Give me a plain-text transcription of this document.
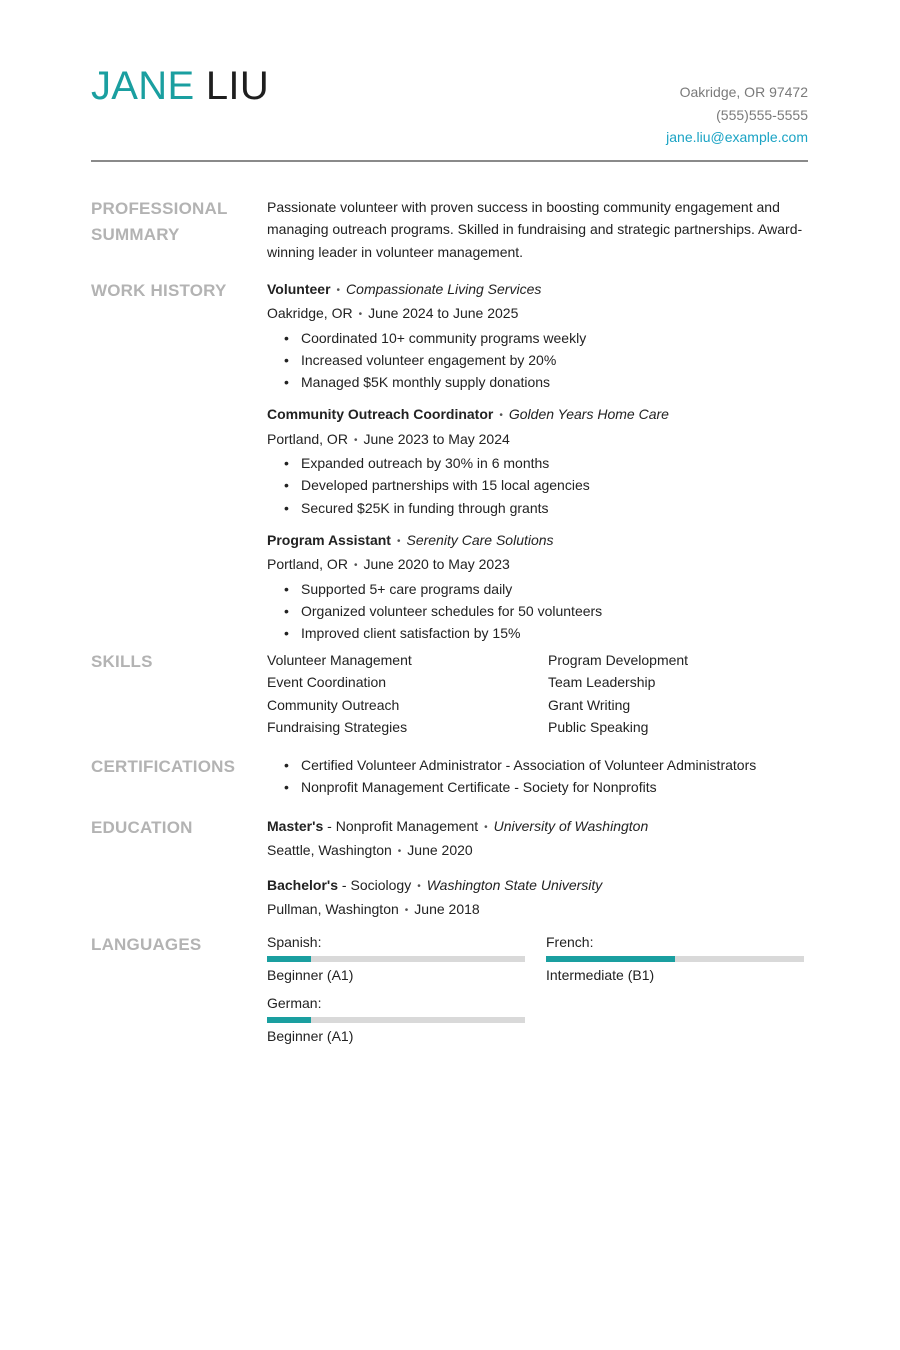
JANE LIU	Oakridge, OR 97472
(555)555-5555
jane.liu@example.com
PROFESSIONAL SUMMARY
Passionate volunteer with proven success in boosting community engagement and managing outreach programs. Skilled in fundraising and strategic partnerships. Award-winning leader in volunteer management.
WORK HISTORY	Volunteer • Compassionate Living Services
Oakridge, OR • June 2024 to June 2025
• Coordinated 10+ community programs weekly
• Increased volunteer engagement by 20%
• Managed $5K monthly supply donations
Community Outreach Coordinator • Golden Years Home Care
Portland, OR • June 2023 to May 2024
• Expanded outreach by 30% in 6 months
• Developed partnerships with 15 local agencies
• Secured $25K in funding through grants
Program Assistant • Serenity Care Solutions
Portland, OR • June 2020 to May 2023
• Supported 5+ care programs daily
• Organized volunteer schedules for 50 volunteers
• Improved client satisfaction by 15%
SKILLS	Volunteer Management	Program Development
Event Coordination	Team Leadership
Community Outreach	Grant Writing
Fundraising Strategies	Public Speaking
CERTIFICATIONS
•	Certified Volunteer Administrator - Association of Volunteer Administrators
• Nonprofit Management Certificate - Society for Nonprofits
EDUCATION	Master's - Nonprofit Management • University of Washington
Seattle, Washington • June 2020
Bachelor's - Sociology • Washington State University
Pullman, Washington • June 2018
LANGUAGES	Spanish:
Beginner (A1)
French:
Intermediate (B1)
German:
Beginner (A1)
